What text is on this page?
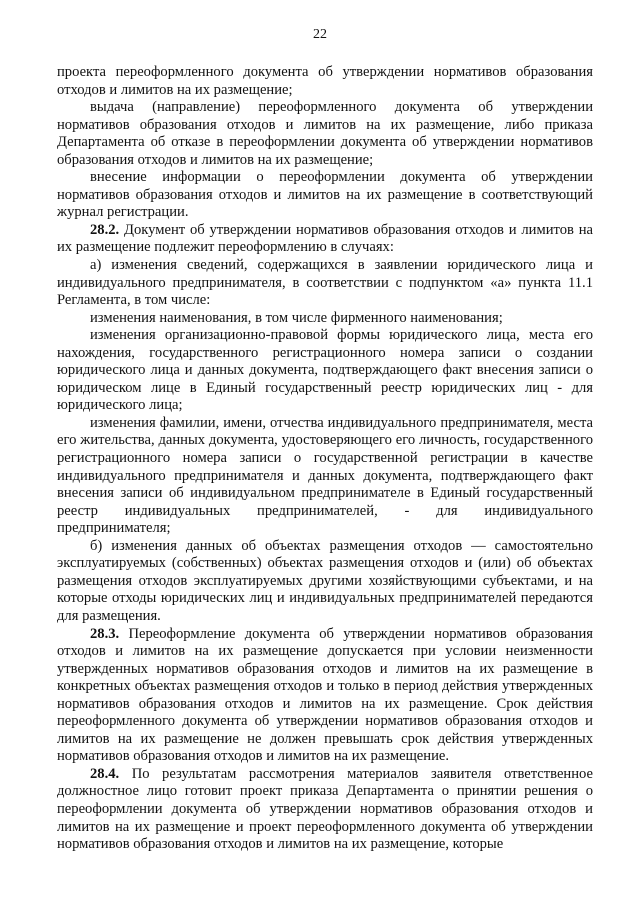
22

проекта переоформленного документа об утверждении нормативов образования отходов и лимитов на их размещение;

выдача (направление) переоформленного документа об утверждении нормативов образования отходов и лимитов на их размещение, либо приказа Департамента об отказе в переоформлении документа об утверждении нормативов образования отходов и лимитов на их размещение;

внесение информации о переоформлении документа об утверждении нормативов образования отходов и лимитов на их размещение в соответствующий журнал регистрации.

28.2. Документ об утверждении нормативов образования отходов и лимитов на их размещение подлежит переоформлению в случаях:

а) изменения сведений, содержащихся в заявлении юридического лица и индивидуального предпринимателя, в соответствии с подпунктом «а» пункта 11.1 Регламента, в том числе:

изменения наименования, в том числе фирменного наименования;

изменения организационно-правовой формы юридического лица, места его нахождения, государственного регистрационного номера записи о создании юридического лица и данных документа, подтверждающего факт внесения записи о юридическом лице в Единый государственный реестр юридических лиц - для юридического лица;

изменения фамилии, имени, отчества индивидуального предпринимателя, места его жительства, данных документа, удостоверяющего его личность, государственного регистрационного номера записи о государственной регистрации в качестве индивидуального предпринимателя и данных документа, подтверждающего факт внесения записи об индивидуальном предпринимателе в Единый государственный реестр индивидуальных предпринимателей, - для индивидуального предпринимателя;

б) изменения данных об объектах размещения отходов — самостоятельно эксплуатируемых (собственных) объектах размещения отходов и (или) об объектах размещения отходов эксплуатируемых другими хозяйствующими субъектами, и на которые отходы юридических лиц и индивидуальных предпринимателей передаются для размещения.

28.3. Переоформление документа об утверждении нормативов образования отходов и лимитов на их размещение допускается при условии неизменности утвержденных нормативов образования отходов и лимитов на их размещение в конкретных объектах размещения отходов и только в период действия утвержденных нормативов образования отходов и лимитов на их размещение. Срок действия переоформленного документа об утверждении нормативов образования отходов и лимитов на их размещение не должен превышать срок действия утвержденных нормативов образования отходов и лимитов на их размещение.

28.4. По результатам рассмотрения материалов заявителя ответственное должностное лицо готовит проект приказа Департамента о принятии решения о переоформлении документа об утверждении нормативов образования отходов и лимитов на их размещение и проект переоформленного документа об утверждении нормативов образования отходов и лимитов на их размещение, которые
